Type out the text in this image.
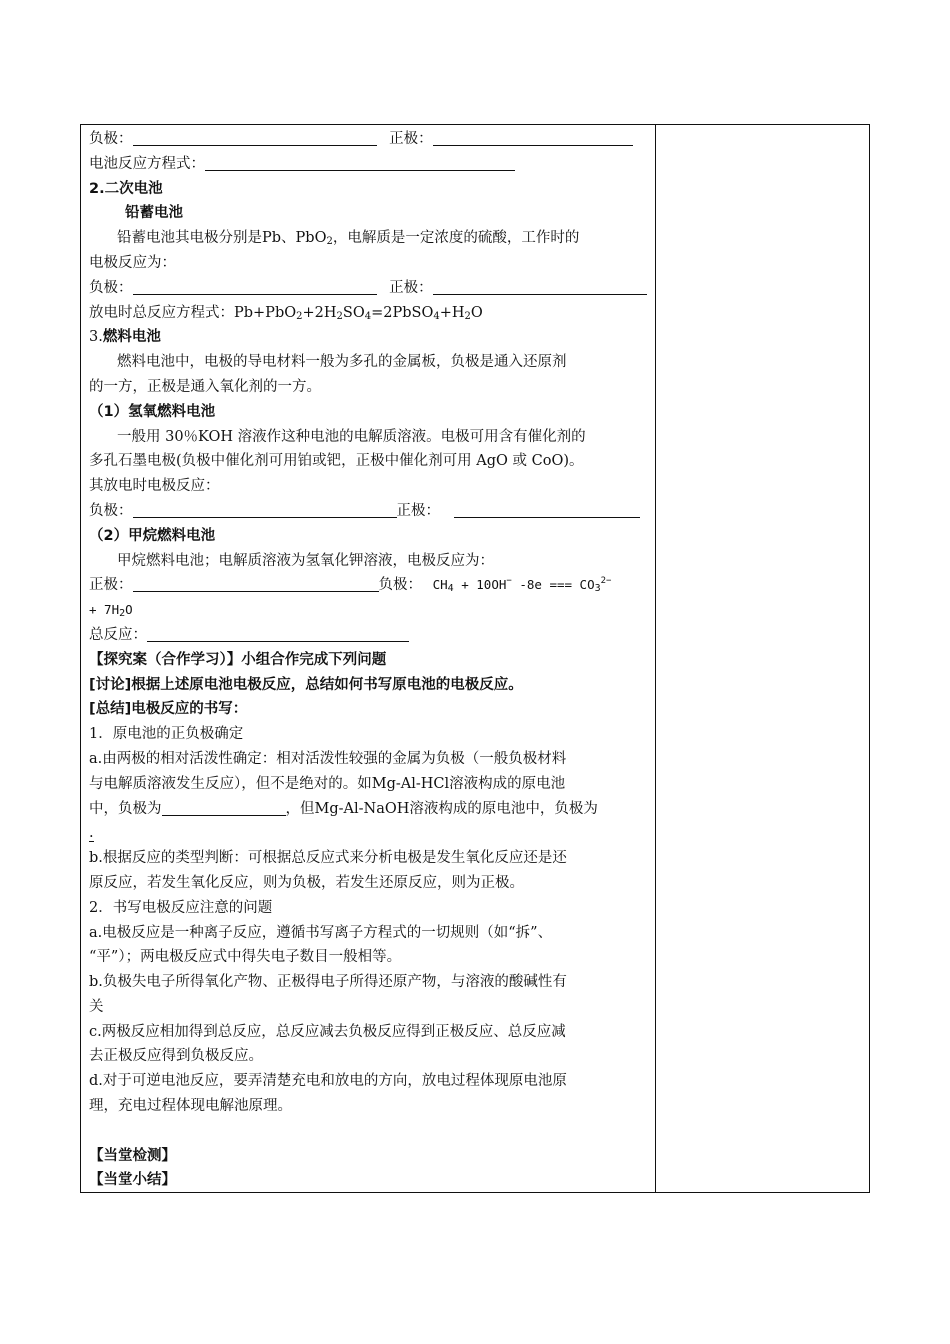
负极：	正极：
电池反应方程式：
2.二次电池
铅蓄电池
铅蓄电池其电极分别是Pb、PbO$_2$，电解质是一定浓度的硫酸，工作时的
电极反应为：
负极：	正极：
放电时总反应方程式：$Pb+PbO_2+2H_2SO_4=2PbSO_4+H_2O$
3.燃料电池
燃料电池中，电极的导电材料一般为多孔的金属板，负极是通入还原剂
的一方，正极是通入氧化剂的一方。
（1）氢氧燃料电池
一般用 30％KOH 溶液作这种电池的电解质溶液。电极可用含有催化剂的
多孔石墨电极(负极中催化剂可用铂或钯，正极中催化剂可用 AgO 或 CoO)。
其放电时电极反应：
负极：	正极：
（2）甲烷燃料电池
甲烷燃料电池；电解质溶液为氢氧化钾溶液，电极反应为：
正极：	负极： $CH_4 + 10OH^-$ -8e === $CO_3^{2-}$
+ $7H_2O$
总反应：
【探究案（合作学习）】小组合作完成下列问题
[讨论]根据上述原电池电极反应，总结如何书写原电池的电极反应。
[总结]电极反应的书写：
1．原电池的正负极确定
a.由两极的相对活泼性确定：相对活泼性较强的金属为负极（一般负极材料
与电解质溶液发生反应），但不是绝对的。如Mg-Al-HCl溶液构成的原电池
中，负极为	，但Mg-Al-NaOH溶液构成的原电池中，负极为
.
b.根据反应的类型判断：可根据总反应式来分析电极是发生氧化反应还是还
原反应，若发生氧化反应，则为负极，若发生还原反应，则为正极。
2．书写电极反应注意的问题
a.电极反应是一种离子反应，遵循书写离子方程式的一切规则（如“拆”、
“平”）；两电极反应式中得失电子数目一般相等。
b.负极失电子所得氧化产物、正极得电子所得还原产物，与溶液的酸碱性有
关
c.两极反应相加得到总反应，总反应减去负极反应得到正极反应、总反应减
去正极反应得到负极反应。
d.对于可逆电池反应，要弄清楚充电和放电的方向，放电过程体现原电池原
理，充电过程体现电解池原理。
【当堂检测】
【当堂小结】
